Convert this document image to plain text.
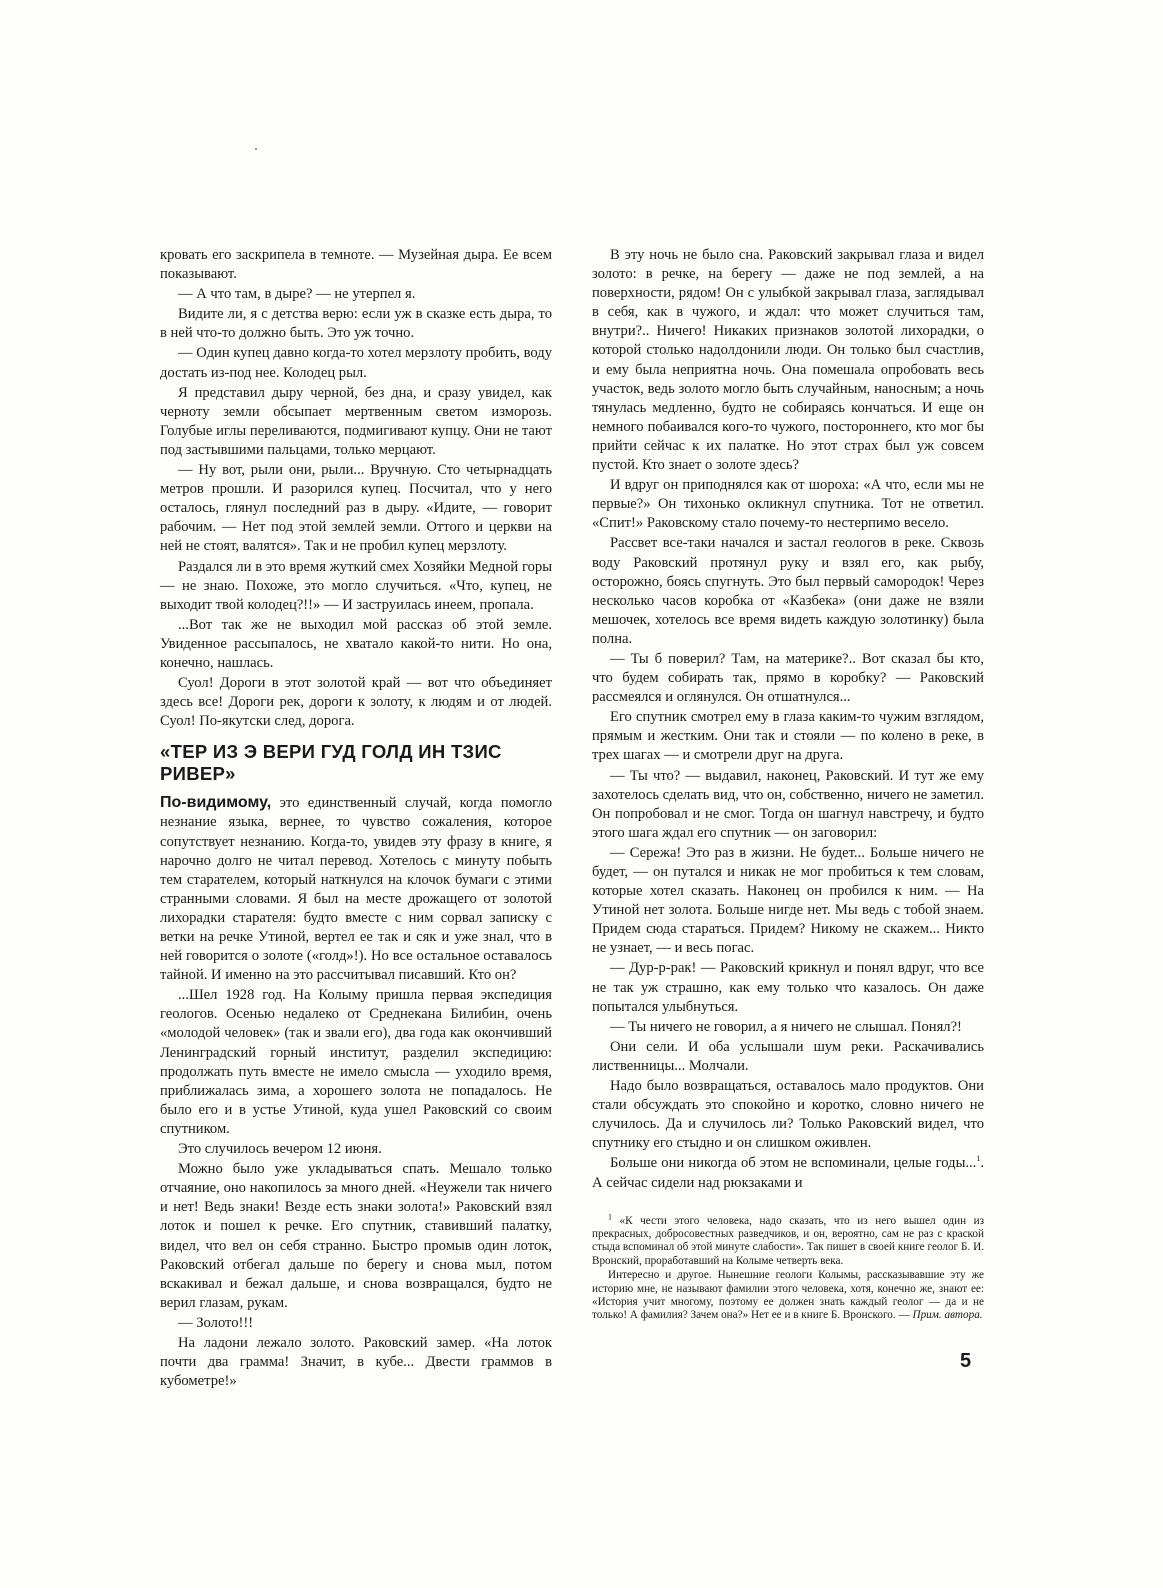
кровать его заскрипела в темноте. — Музейная дыра. Ее всем показывают.

— А что там, в дыре? — не утерпел я.

Видите ли, я с детства верю: если уж в сказке есть дыра, то в ней что-то должно быть. Это уж точно.

— Один купец давно когда-то хотел мерзлоту пробить, воду достать из-под нее. Колодец рыл.

Я представил дыру черной, без дна, и сразу увидел, как черноту земли обсыпает мертвенным светом изморозь. Голубые иглы переливаются, подмигивают купцу. Они не тают под застывшими пальцами, только мерцают.

— Ну вот, рыли они, рыли... Вручную. Сто четырнадцать метров прошли. И разорился купец. Посчитал, что у него осталось, глянул последний раз в дыру. «Идите, — говорит рабочим. — Нет под этой землей земли. Оттого и церкви на ней не стоят, валятся». Так и не пробил купец мерзлоту.

Раздался ли в это время жуткий смех Хозяйки Медной горы — не знаю. Похоже, это могло случиться. «Что, купец, не выходит твой колодец?!!» — И заструилась инеем, пропала.

...Вот так же не выходил мой рассказ об этой земле. Увиденное рассыпалось, не хватало какой-то нити. Но она, конечно, нашлась.

Суол! Дороги в этот золотой край — вот что объединяет здесь все! Дороги рек, дороги к золоту, к людям и от людей. Суол! По-якутски след, дорога.

«ТЕР ИЗ Э ВЕРИ ГУД ГОЛД ИН ТЗИС РИВЕР»

По-видимому, это единственный случай, когда помогло незнание языка, вернее, то чувство сожаления, которое сопутствует незнанию. Когда-то, увидев эту фразу в книге, я нарочно долго не читал перевод. Хотелось с минуту побыть тем старателем, который наткнулся на клочок бумаги с этими странными словами. Я был на месте дрожащего от золотой лихорадки старателя: будто вместе с ним сорвал записку с ветки на речке Утиной, вертел ее так и сяк и уже знал, что в ней говорится о золоте («голд»!). Но все остальное оставалось тайной. И именно на это рассчитывал писавший. Кто он?

...Шел 1928 год. На Колыму пришла первая экспедиция геологов. Осенью недалеко от Среднекана Билибин, очень «молодой человек» (так и звали его), два года как окончивший Ленинградский горный институт, разделил экспедицию: продолжать путь вместе не имело смысла — уходило время, приближалась зима, а хорошего золота не попадалось. Не было его и в устье Утиной, куда ушел Раковский со своим спутником.

Это случилось вечером 12 июня.

Можно было уже укладываться спать. Мешало только отчаяние, оно накопилось за много дней. «Неужели так ничего и нет! Ведь знаки! Везде есть знаки золота!» Раковский взял лоток и пошел к речке. Его спутник, ставивший палатку, видел, что вел он себя странно. Быстро промыв один лоток, Раковский отбегал дальше по берегу и снова мыл, потом вскакивал и бежал дальше, и снова возвращался, будто не верил глазам, рукам.

— Золото!!!

На ладони лежало золото. Раковский замер. «На лоток почти два грамма! Значит, в кубе... Двести граммов в кубометре!»

В эту ночь не было сна. Раковский закрывал глаза и видел золото: в речке, на берегу — даже не под землей, а на поверхности, рядом! Он с улыбкой закрывал глаза, заглядывал в себя, как в чужого, и ждал: что может случиться там, внутри?.. Ничего! Никаких признаков золотой лихорадки, о которой столько надолдонили люди. Он только был счастлив, и ему была неприятна ночь. Она помешала опробовать весь участок, ведь золото могло быть случайным, наносным; а ночь тянулась медленно, будто не собираясь кончаться. И еще он немного побаивался кого-то чужого, постороннего, кто мог бы прийти сейчас к их палатке. Но этот страх был уж совсем пустой. Кто знает о золоте здесь?

И вдруг он приподнялся как от шороха: «А что, если мы не первые?» Он тихонько окликнул спутника. Тот не ответил. «Спит!» Раковскому стало почему-то нестерпимо весело.

Рассвет все-таки начался и застал геологов в реке. Сквозь воду Раковский протянул руку и взял его, как рыбу, осторожно, боясь спугнуть. Это был первый самородок! Через несколько часов коробка от «Казбека» (они даже не взяли мешочек, хотелось все время видеть каждую золотинку) была полна.

— Ты б поверил? Там, на материке?.. Вот сказал бы кто, что будем собирать так, прямо в коробку? — Раковский рассмеялся и оглянулся. Он отшатнулся...

Его спутник смотрел ему в глаза каким-то чужим взглядом, прямым и жестким. Они так и стояли — по колено в реке, в трех шагах — и смотрели друг на друга.

— Ты что? — выдавил, наконец, Раковский. И тут же ему захотелось сделать вид, что он, собственно, ничего не заметил. Он попробовал и не смог. Тогда он шагнул навстречу, и будто этого шага ждал его спутник — он заговорил:

— Сережа! Это раз в жизни. Не будет... Больше ничего не будет, — он путался и никак не мог пробиться к тем словам, которые хотел сказать. Наконец он пробился к ним. — На Утиной нет золота. Больше нигде нет. Мы ведь с тобой знаем. Придем сюда стараться. Придем? Никому не скажем... Никто не узнает, — и весь погас.

— Дур-р-рак! — Раковский крикнул и понял вдруг, что все не так уж страшно, как ему только что казалось. Он даже попытался улыбнуться.

— Ты ничего не говорил, а я ничего не слышал. Понял?!

Они сели. И оба услышали шум реки. Раскачивались лиственницы... Молчали.

Надо было возвращаться, оставалось мало продуктов. Они стали обсуждать это спокойно и коротко, словно ничего не случилось. Да и случилось ли? Только Раковский видел, что спутнику его стыдно и он слишком оживлен.

Больше они никогда об этом не вспоминали, целые годы...$^1$. А сейчас сидели над рюкзаками и

$^1$ «К чести этого человека, надо сказать, что из него вышел один из прекрасных, добросовестных разведчиков, и он, вероятно, сам не раз с краской стыда вспоминал об этой минуте слабости». Так пишет в своей книге геолог Б. И. Вронский, проработавший на Колыме четверть века.

Интересно и другое. Нынешние геологи Колымы, рассказывавшие эту же историю мне, не называют фамилии этого человека, хотя, конечно же, знают ее: «История учит многому, поэтому ее должен знать каждый геолог — да и не только! А фамилия? Зачем она?» Нет ее и в книге Б. Вронского. — Прим. автора.

5
